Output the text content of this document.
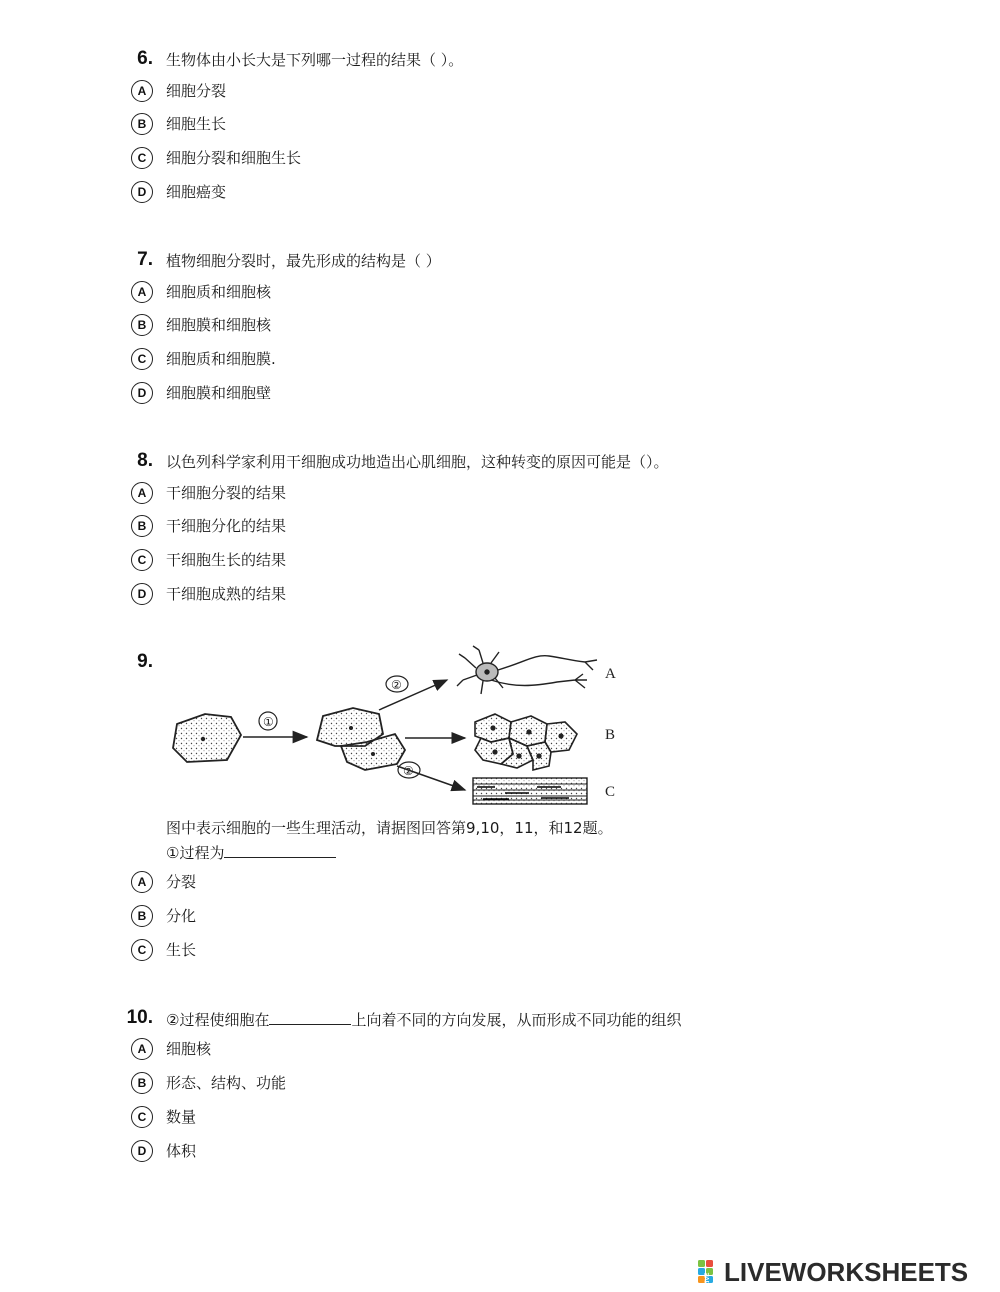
6. 生物体由小长大是下列哪一过程的结果（ ）。
A	细胞分裂
B	细胞生长
C	细胞分裂和细胞生长
D	细胞癌变
7. 植物细胞分裂时，最先形成的结构是（ ）
A	细胞质和细胞核
B	细胞膜和细胞核
C	细胞质和细胞膜.
D	细胞膜和细胞壁
8. 以色列科学家利用干细胞成功地造出心肌细胞，这种转变的原因可能是（）。
A	干细胞分裂的结果
B	干细胞分化的结果
C	干细胞生长的结果
D	干细胞成熟的结果
9.
①
②
②
A
B
C
图中表示细胞的一些生理活动，请据图回答第9,10，11，和12题。
①过程为
A	分裂
B	分化
C	生长
10. ②过程使细胞在	上向着不同的方向发展，从而形成不同功能的组织
A	细胞核
B	形态、结构、功能
C	数量
D	体积
LIVE LIVEWORKSHEETS
